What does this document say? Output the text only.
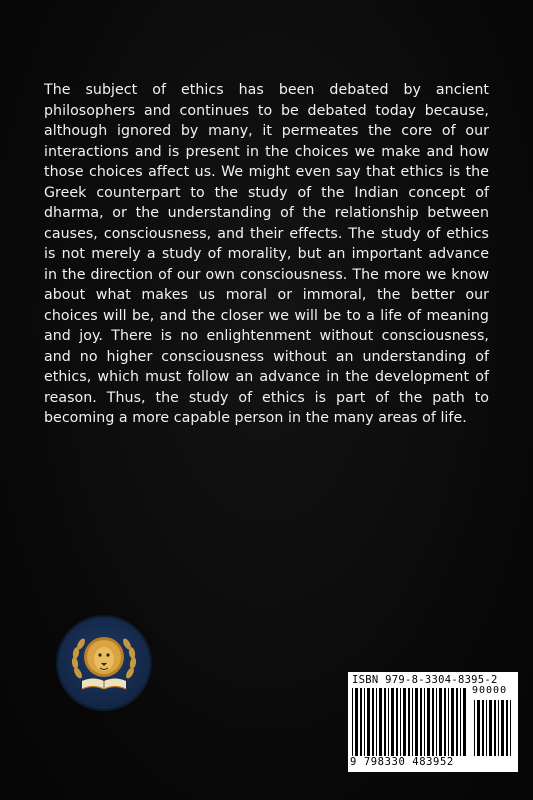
The subject of ethics has been debated by ancient philosophers and continues to be debated today because, although ignored by many, it permeates the core of our interactions and is present in the choices we make and how those choices affect us. We might even say that ethics is the Greek counterpart to the study of the Indian concept of dharma, or the understanding of the relationship between causes, consciousness, and their effects. The study of ethics is not merely a study of morality, but an important advance in the direction of our own consciousness. The more we know about what makes us moral or immoral, the better our choices will be, and the closer we will be to a life of meaning and joy. There is no enlightenment without consciousness, and no higher consciousness without an understanding of ethics, which must follow an advance in the development of reason. Thus, the study of ethics is part of the path to becoming a more capable person in the many areas of life.

ISBN 979-8-3304-8395-2
90000
9 798330 483952
